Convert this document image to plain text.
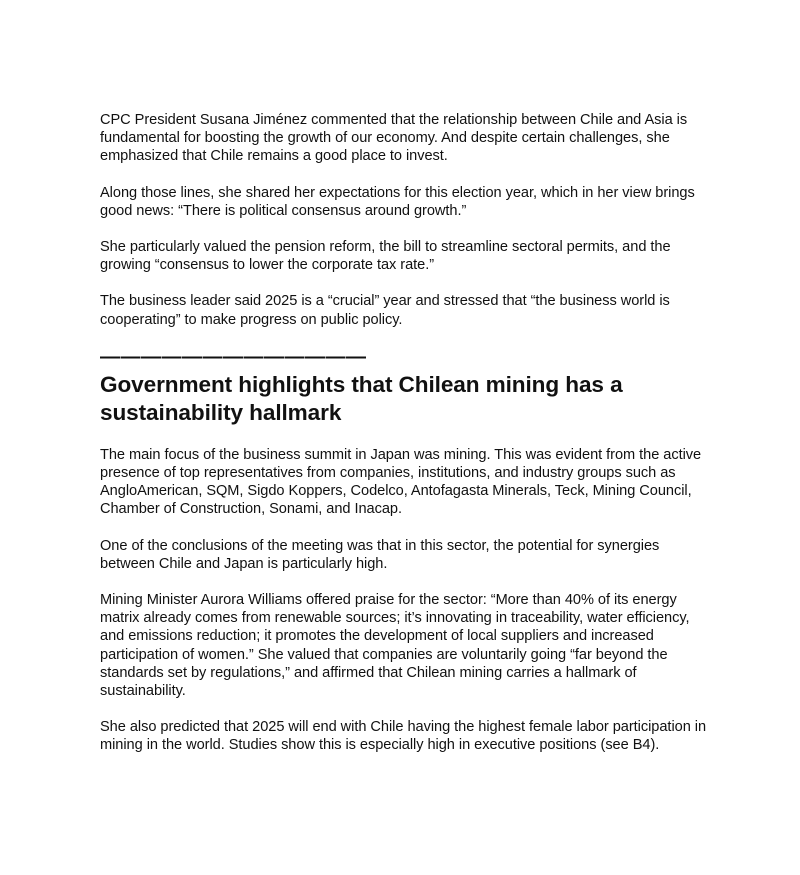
CPC President Susana Jiménez commented that the relationship between Chile and Asia is fundamental for boosting the growth of our economy. And despite certain challenges, she emphasized that Chile remains a good place to invest.

Along those lines, she shared her expectations for this election year, which in her view brings good news: “There is political consensus around growth.”

She particularly valued the pension reform, the bill to streamline sectoral permits, and the growing “consensus to lower the corporate tax rate.”

The business leader said 2025 is a “crucial” year and stressed that “the business world is cooperating” to make progress on public policy.

—————————————
Government highlights that Chilean mining has a sustainability hallmark

The main focus of the business summit in Japan was mining. This was evident from the active presence of top representatives from companies, institutions, and industry groups such as AngloAmerican, SQM, Sigdo Koppers, Codelco, Antofagasta Minerals, Teck, Mining Council, Chamber of Construction, Sonami, and Inacap.

One of the conclusions of the meeting was that in this sector, the potential for synergies between Chile and Japan is particularly high.

Mining Minister Aurora Williams offered praise for the sector: “More than 40% of its energy matrix already comes from renewable sources; it’s innovating in traceability, water efficiency, and emissions reduction; it promotes the development of local suppliers and increased participation of women.” She valued that companies are voluntarily going “far beyond the standards set by regulations,” and affirmed that Chilean mining carries a hallmark of sustainability.

She also predicted that 2025 will end with Chile having the highest female labor participation in mining in the world. Studies show this is especially high in executive positions (see B4).
